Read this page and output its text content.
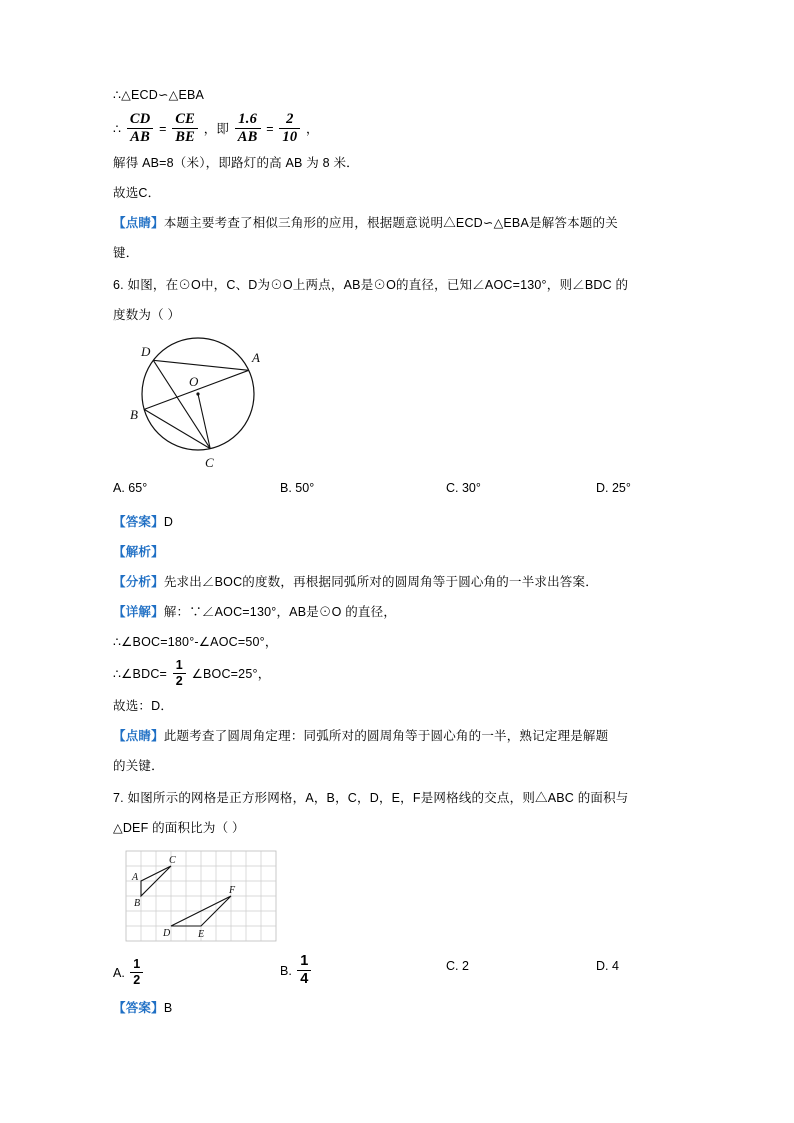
∴△ECD∽△EBA
∴ $\frac{CD}{AB} = \frac{CE}{BE}$ ，即 $\frac{1.6}{AB} = \frac{2}{10}$ ，
解得 AB=8（米），即路灯的高 AB 为 8 米．
故选C．
【点睛】本题主要考查了相似三角形的应用，根据题意说明△ECD∽△EBA是解答本题的关
键．
6. 如图，在⊙O中，C、D为⊙O上两点，AB是⊙O的直径，已知∠AOC=130°，则∠BDC 的
度数为（ ）
D	A
O
B
C
A. 65°	B. 50°	C. 30°	D. 25°
【答案】D
【解析】
【分析】先求出∠BOC的度数，再根据同弧所对的圆周角等于圆心角的一半求出答案．
【详解】解：∵∠AOC=130°，AB是⊙O 的直径，
∴∠BOC=180°-∠AOC=50°，
∴∠BDC= $\frac{1}{2}$ ∠BOC=25°，
故选：D．
【点睛】此题考查了圆周角定理：同弧所对的圆周角等于圆心角的一半，熟记定理是解题
的关键．
7. 如图所示的网格是正方形网格，A，B，C，D，E，F是网格线的交点，则△ABC 的面积与
△DEF 的面积比为（ ）
A
B
C
D	E
F
A. $\frac{1}{2}$	B. $\frac{1}{4}$	C. 2	D. 4
【答案】B
